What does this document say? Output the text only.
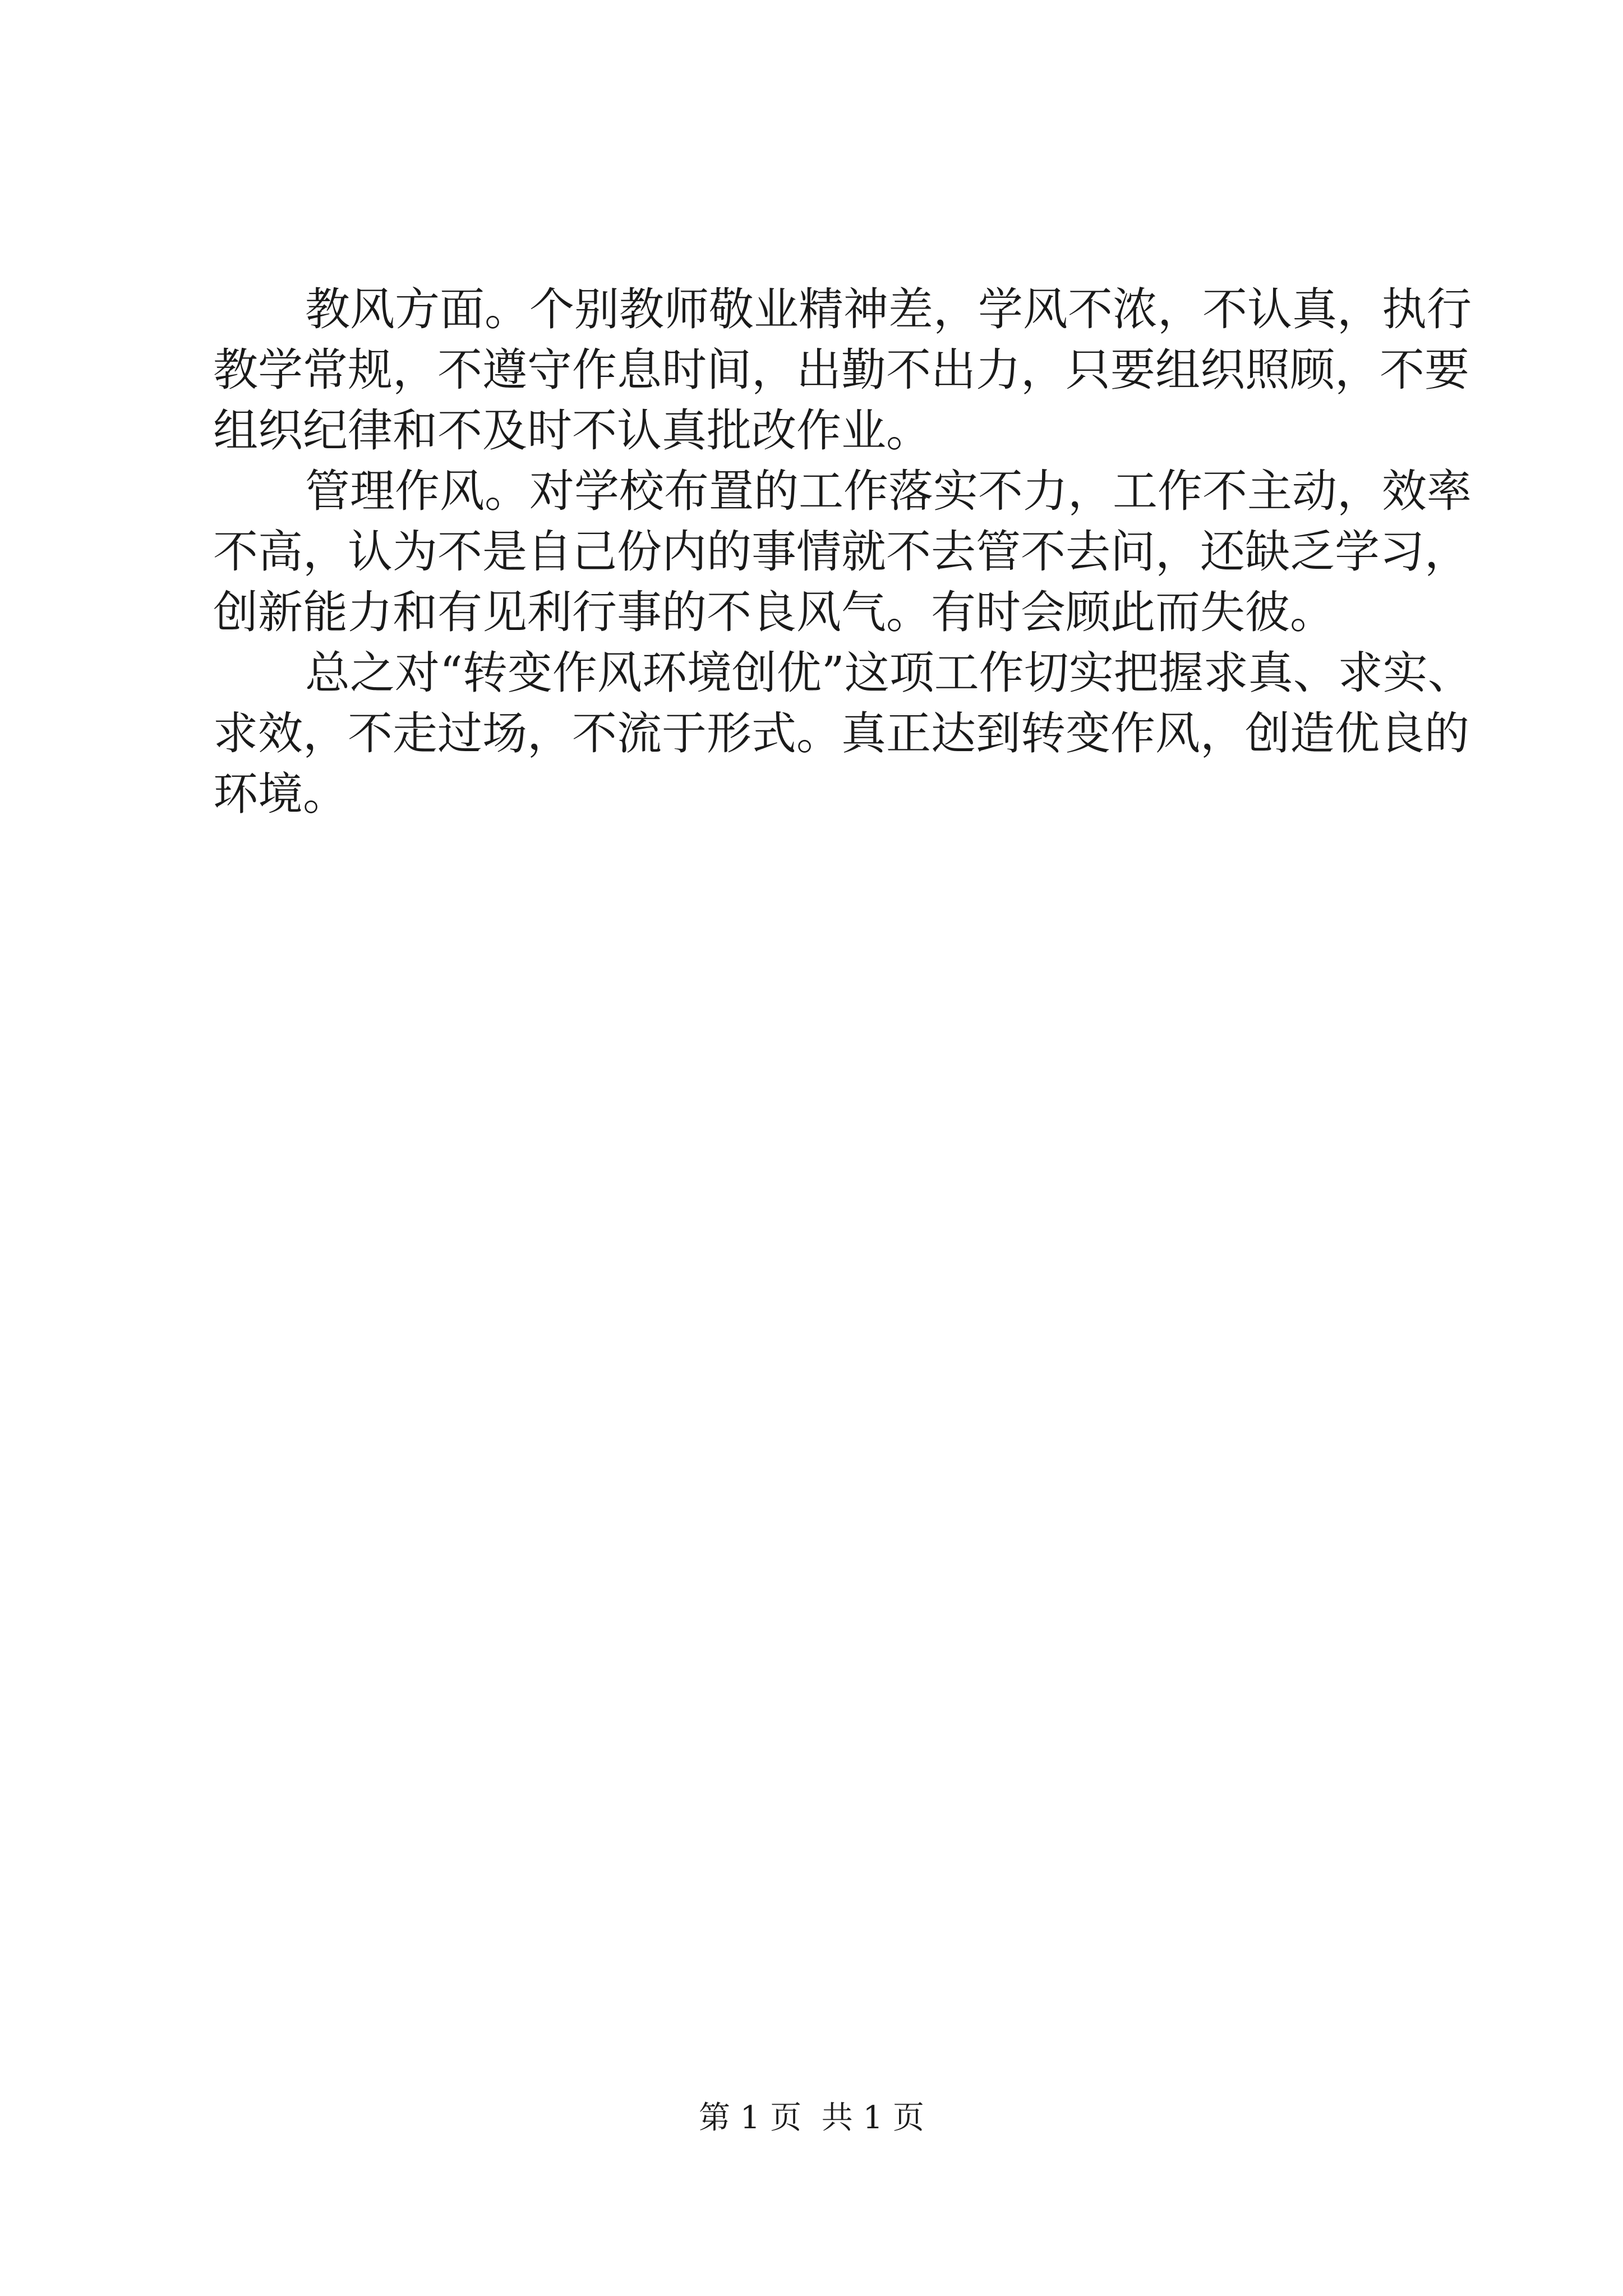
教风方面。个别教师敬业精神差，学风不浓，不认真，执行
教学常规，不遵守作息时间，出勤不出力，只要组织照顾，不要
组织纪律和不及时不认真批改作业。
管理作风。对学校布置的工作落实不力，工作不主动，效率
不高，认为不是自己份内的事情就不去管不去问，还缺乏学习，
创新能力和有见利行事的不良风气。有时会顾此而失彼。
总之对“转变作风环境创优”这项工作切实把握求真、求实、
求效，不走过场，不流于形式。真正达到转变作风，创造优良的
环境。
第 1 页  共 1 页
